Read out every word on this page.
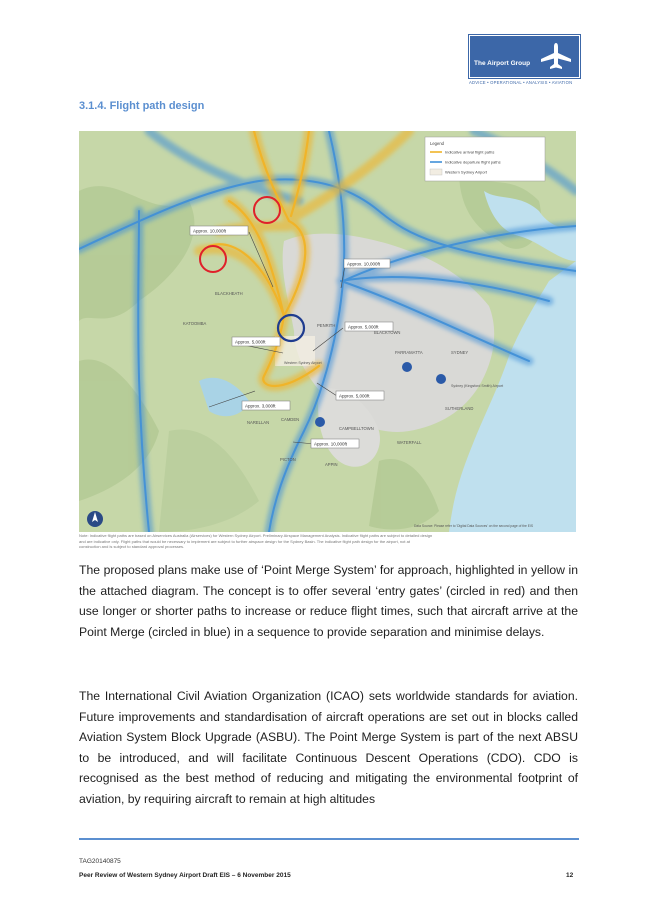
The Airport Group
ADVICE • OPERATIONAL • ANALYSIS • AVIATION
3.1.4. Flight path design
Approx. 10,000ft
Approx. 10,000ft
Approx. 5,000ft
Approx. 5,000ft
Approx. 3,000ft
Approx. 5,000ft
Approx. 10,000ft
KATOOMBA
BLACKHEATH
PENRITH
BLACKTOWN
PARRAMATTA	SYDNEY
SUTHERLAND
CAMPBELLTOWN
CAMDEN
PICTON
APPIN
NARELLAN
WATERFALL
Western Sydney Airport
Sydney (Kingsford Smith) Airport
Legend
Indicative arrival flight paths
Indicative departure flight paths
Western Sydney Airport
Data Source: Please refer to 'Digital Data Sources' on the second page of the EIS
Note: Indicative flight paths are based on Airservices Australia (Airservices) for Western Sydney Airport. Preliminary Airspace Management Analysis. Indicative flight paths are subject to detailed design
and are indicative only. Flight paths that would be necessary to implement are subject to further airspace design for the Sydney Basin. The indicative flight path design for the airport, not at
construction and is subject to standard approval processes.

The proposed plans make use of ‘Point Merge System’ for approach, highlighted in yellow in the attached diagram. The concept is to offer several ‘entry gates’ (circled in red) and then use longer or shorter paths to increase or reduce flight times, such that aircraft arrive at the Point Merge (circled in blue) in a sequence to provide separation and minimise delays.

The International Civil Aviation Organization (ICAO) sets worldwide standards for aviation. Future improvements and standardisation of aircraft operations are set out in blocks called Aviation System Block Upgrade (ASBU). The Point Merge System is part of the next ABSU to be introduced, and will facilitate Continuous Descent Operations (CDO). CDO is recognised as the best method of reducing and mitigating the environmental footprint of aviation, by requiring aircraft to remain at high altitudes

TAG20140875
Peer Review of Western Sydney Airport Draft EIS – 6 November 2015	12
